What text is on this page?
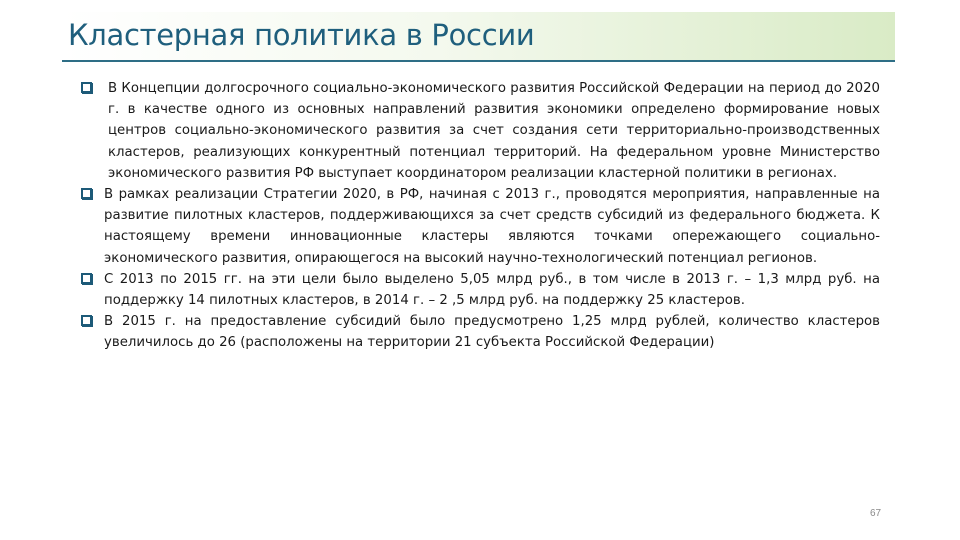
Кластерная политика в России

В Концепции долгосрочного социально-экономического развития Российской Федерации на период до 2020 г. в качестве одного из основных направлений развития экономики определено формирование новых центров социально-экономического развития за счет создания сети территориально-производственных кластеров, реализующих конкурентный потенциал территорий. На федеральном уровне Министерство экономического развития РФ выступает координатором реализации кластерной политики в регионах.

В рамках реализации Стратегии 2020, в РФ, начиная с 2013 г., проводятся мероприятия, направленные на развитие пилотных кластеров, поддерживающихся за счет средств субсидий из федерального бюджета. К настоящему времени инновационные кластеры являются точками опережающего социально-экономического развития, опирающегося на высокий научно-технологический потенциал регионов.

С 2013 по 2015 гг. на эти цели было выделено 5,05 млрд руб., в том числе в 2013 г. – 1,3 млрд руб. на поддержку 14 пилотных кластеров, в 2014 г. – 2 ,5 млрд руб. на поддержку 25 кластеров.

В 2015 г. на предоставление субсидий было предусмотрено 1,25 млрд рублей, количество кластеров увеличилось до 26 (расположены на территории 21 субъекта Российской Федерации)

67
